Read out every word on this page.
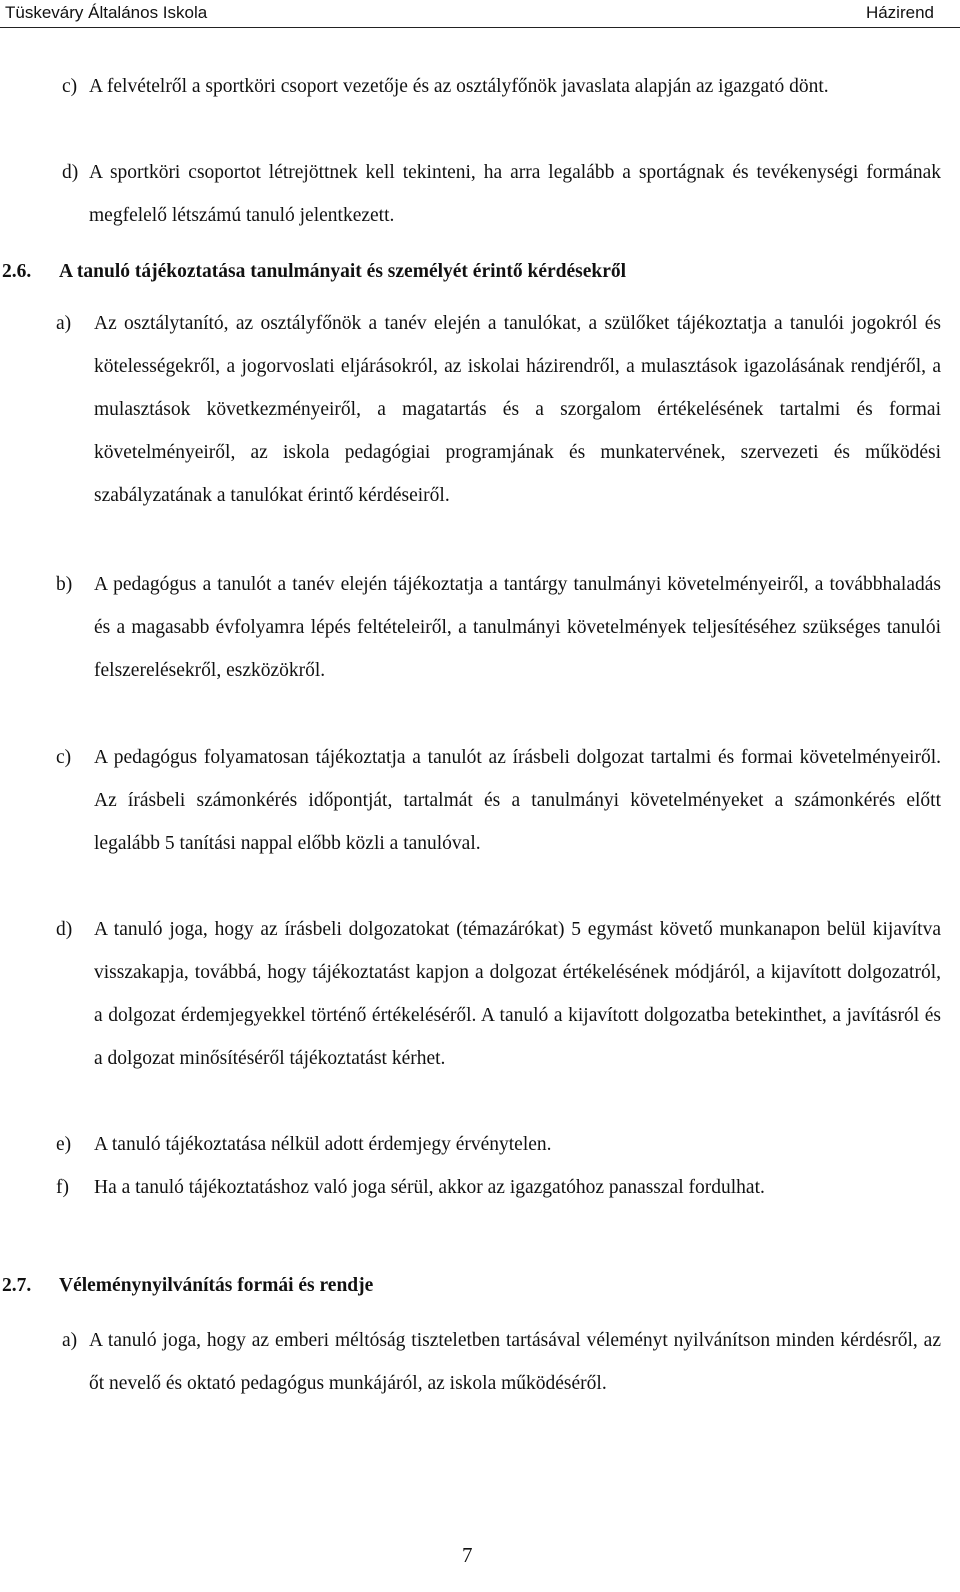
Tüskeváry Általános Iskola	Házirend
c) A felvételről a sportköri csoport vezetője és az osztályfőnök javaslata alapján az igazgató dönt.
d) A sportköri csoportot létrejöttnek kell tekinteni, ha arra legalább a sportágnak és tevékenységi formának megfelelő létszámú tanuló jelentkezett.
2.6. A tanuló tájékoztatása tanulmányait és személyét érintő kérdésekről
a) Az osztálytanító, az osztályfőnök a tanév elején a tanulókat, a szülőket tájékoztatja a tanulói jogokról és kötelességekről, a jogorvoslati eljárásokról, az iskolai házirendről, a mulasztások igazolásának rendjéről, a mulasztások következményeiről, a magatartás és a szorgalom értékelésének tartalmi és formai követelményeiről, az iskola pedagógiai programjának és munkatervének, szervezeti és működési szabályzatának a tanulókat érintő kérdéseiről.
b) A pedagógus a tanulót a tanév elején tájékoztatja a tantárgy tanulmányi követelményeiről, a továbbhaladás és a magasabb évfolyamra lépés feltételeiről, a tanulmányi követelmények teljesítéséhez szükséges tanulói felszerelésekről, eszközökről.
c) A pedagógus folyamatosan tájékoztatja a tanulót az írásbeli dolgozat tartalmi és formai követelményeiről. Az írásbeli számonkérés időpontját, tartalmát és a tanulmányi követelményeket a számonkérés előtt legalább 5 tanítási nappal előbb közli a tanulóval.
d) A tanuló joga, hogy az írásbeli dolgozatokat (témazárókat) 5 egymást követő munkanapon belül kijavítva visszakapja, továbbá, hogy tájékoztatást kapjon a dolgozat értékelésének módjáról, a kijavított dolgozatról, a dolgozat érdemjegyekkel történő értékeléséről. A tanuló a kijavított dolgozatba betekinthet, a javításról és a dolgozat minősítéséről tájékoztatást kérhet.
e) A tanuló tájékoztatása nélkül adott érdemjegy érvénytelen.
f) Ha a tanuló tájékoztatáshoz való joga sérül, akkor az igazgatóhoz panasszal fordulhat.
2.7. Véleménynyilvánítás formái és rendje
a) A tanuló joga, hogy az emberi méltóság tiszteletben tartásával véleményt nyilvánítson minden kérdésről, az őt nevelő és oktató pedagógus munkájáról, az iskola működéséről.
7
